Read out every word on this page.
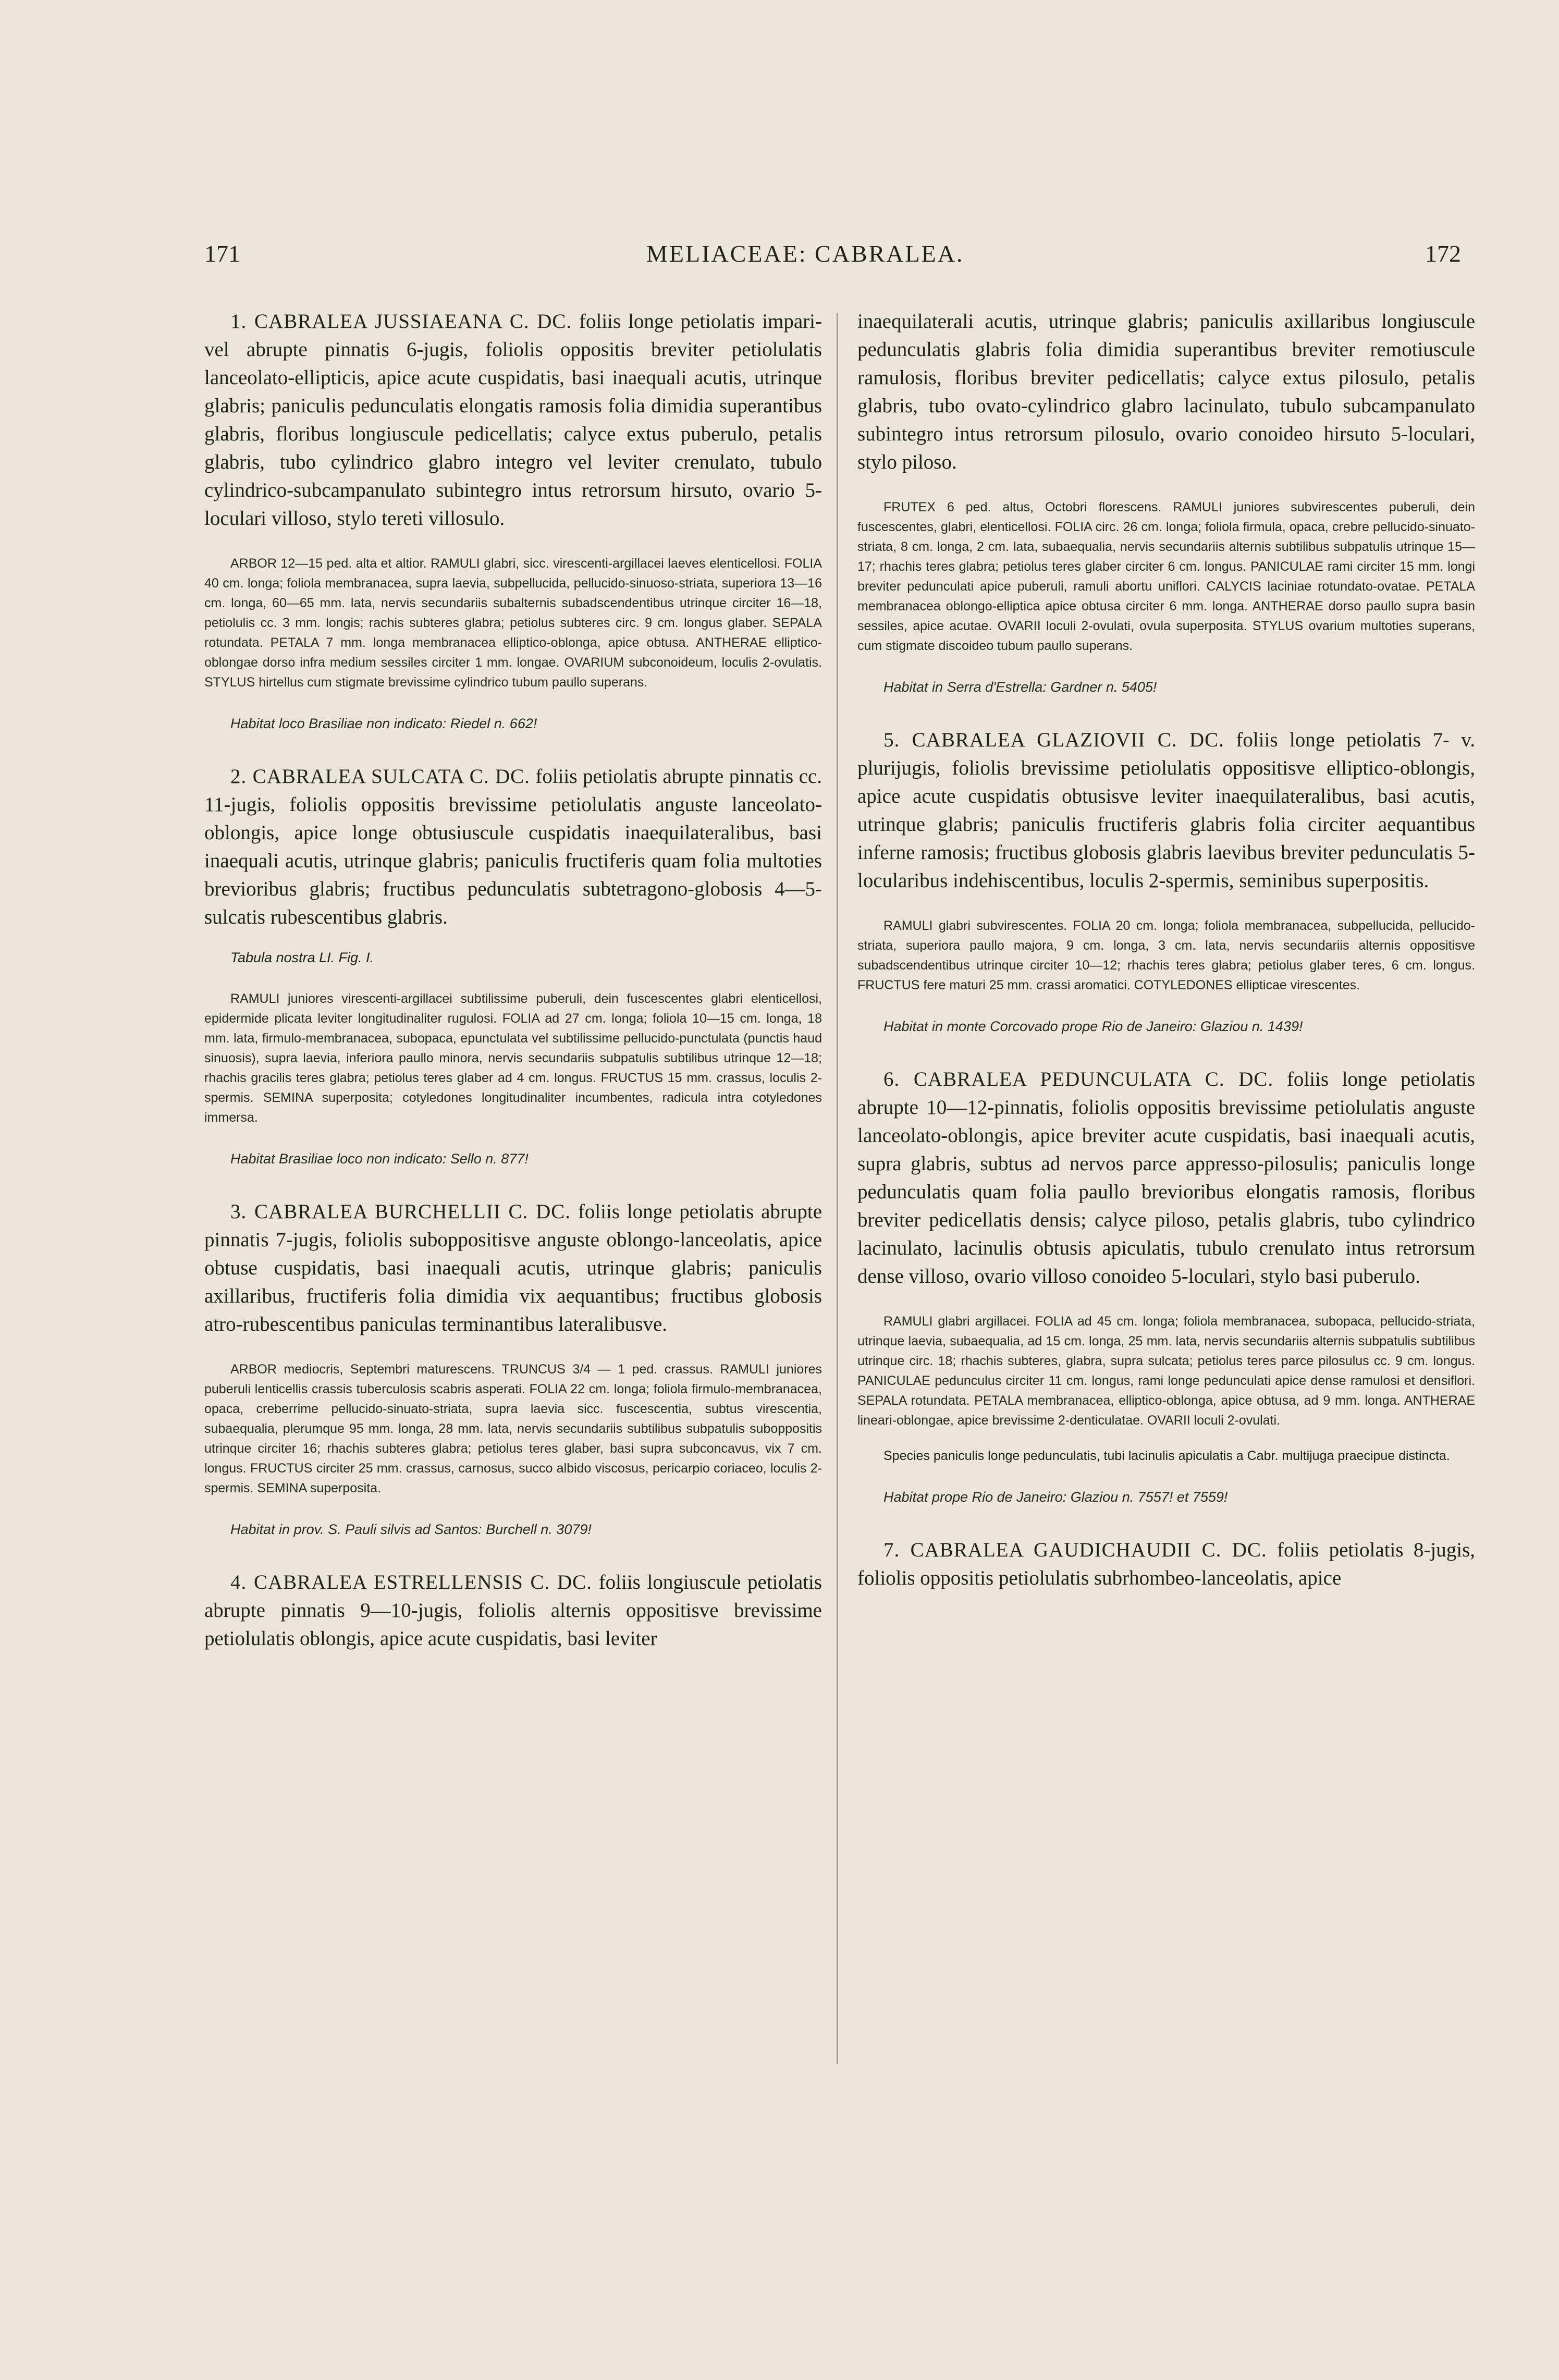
171	MELIACEAE: CABRALEA.	172

1. CABRALEA JUSSIAEANA C. DC. foliis longe petiolatis impari- vel abrupte pinnatis 6-jugis, foliolis oppositis breviter petiolulatis lanceolato-ellipticis, apice acute cuspidatis, basi inaequali acutis, utrinque glabris; paniculis pedunculatis elongatis ramosis folia dimidia superantibus glabris, floribus longiuscule pedicellatis; calyce extus puberulo, petalis glabris, tubo cylindrico glabro integro vel leviter crenulato, tubulo cylindrico-subcampanulato subintegro intus retrorsum hirsuto, ovario 5-loculari villoso, stylo tereti villosulo.

ARBOR 12—15 ped. alta et altior. RAMULI glabri, sicc. virescenti-argillacei laeves elenticellosi. FOLIA 40 cm. longa; foliola membranacea, supra laevia, subpellucida, pellucido-sinuoso-striata, superiora 13—16 cm. longa, 60—65 mm. lata, nervis secundariis subalternis subadscendentibus utrinque circiter 16—18, petiolulis cc. 3 mm. longis; rachis subteres glabra; petiolus subteres circ. 9 cm. longus glaber. SEPALA rotundata. PETALA 7 mm. longa membranacea elliptico-oblonga, apice obtusa. ANTHERAE elliptico-oblongae dorso infra medium sessiles circiter 1 mm. longae. OVARIUM subconoideum, loculis 2-ovulatis. STYLUS hirtellus cum stigmate brevissime cylindrico tubum paullo superans.

Habitat loco Brasiliae non indicato: Riedel n. 662!

2. CABRALEA SULCATA C. DC. foliis petiolatis abrupte pinnatis cc. 11-jugis, foliolis oppositis brevissime petiolulatis anguste lanceolato-oblongis, apice longe obtusiuscule cuspidatis inaequilateralibus, basi inaequali acutis, utrinque glabris; paniculis fructiferis quam folia multoties brevioribus glabris; fructibus pedunculatis subtetragono-globosis 4—5-sulcatis rubescentibus glabris.

Tabula nostra LI. Fig. I.

RAMULI juniores virescenti-argillacei subtilissime puberuli, dein fuscescentes glabri elenticellosi, epidermide plicata leviter longitudinaliter rugulosi. FOLIA ad 27 cm. longa; foliola 10—15 cm. longa, 18 mm. lata, firmulo-membranacea, subopaca, epunctulata vel subtilissime pellucido-punctulata (punctis haud sinuosis), supra laevia, inferiora paullo minora, nervis secundariis subpatulis subtilibus utrinque 12—18; rhachis gracilis teres glabra; petiolus teres glaber ad 4 cm. longus. FRUCTUS 15 mm. crassus, loculis 2-spermis. SEMINA superposita; cotyledones longitudinaliter incumbentes, radicula intra cotyledones immersa.

Habitat Brasiliae loco non indicato: Sello n. 877!

3. CABRALEA BURCHELLII C. DC. foliis longe petiolatis abrupte pinnatis 7-jugis, foliolis suboppositisve anguste oblongo-lanceolatis, apice obtuse cuspidatis, basi inaequali acutis, utrinque glabris; paniculis axillaribus, fructiferis folia dimidia vix aequantibus; fructibus globosis atro-rubescentibus paniculas terminantibus lateralibusve.

ARBOR mediocris, Septembri maturescens. TRUNCUS 3/4 — 1 ped. crassus. RAMULI juniores puberuli lenticellis crassis tuberculosis scabris asperati. FOLIA 22 cm. longa; foliola firmulo-membranacea, opaca, creberrime pellucido-sinuato-striata, supra laevia sicc. fuscescentia, subtus virescentia, subaequalia, plerumque 95 mm. longa, 28 mm. lata, nervis secundariis subtilibus subpatulis suboppositis utrinque circiter 16; rhachis subteres glabra; petiolus teres glaber, basi supra subconcavus, vix 7 cm. longus. FRUCTUS circiter 25 mm. crassus, carnosus, succo albido viscosus, pericarpio coriaceo, loculis 2-spermis. SEMINA superposita.

Habitat in prov. S. Pauli silvis ad Santos: Burchell n. 3079!

4. CABRALEA ESTRELLENSIS C. DC. foliis longiuscule petiolatis abrupte pinnatis 9—10-jugis, foliolis alternis oppositisve brevissime petiolulatis oblongis, apice acute cuspidatis, basi leviter

inaequilaterali acutis, utrinque glabris; paniculis axillaribus longiuscule pedunculatis glabris folia dimidia superantibus breviter remotiuscule ramulosis, floribus breviter pedicellatis; calyce extus pilosulo, petalis glabris, tubo ovato-cylindrico glabro lacinulato, tubulo subcampanulato subintegro intus retrorsum pilosulo, ovario conoideo hirsuto 5-loculari, stylo piloso.

FRUTEX 6 ped. altus, Octobri florescens. RAMULI juniores subvirescentes puberuli, dein fuscescentes, glabri, elenticellosi. FOLIA circ. 26 cm. longa; foliola firmula, opaca, crebre pellucido-sinuato-striata, 8 cm. longa, 2 cm. lata, subaequalia, nervis secundariis alternis subtilibus subpatulis utrinque 15—17; rhachis teres glabra; petiolus teres glaber circiter 6 cm. longus. PANICULAE rami circiter 15 mm. longi breviter pedunculati apice puberuli, ramuli abortu uniflori. CALYCIS laciniae rotundato-ovatae. PETALA membranacea oblongo-elliptica apice obtusa circiter 6 mm. longa. ANTHERAE dorso paullo supra basin sessiles, apice acutae. OVARII loculi 2-ovulati, ovula superposita. STYLUS ovarium multoties superans, cum stigmate discoideo tubum paullo superans.

Habitat in Serra d'Estrella: Gardner n. 5405!

5. CABRALEA GLAZIOVII C. DC. foliis longe petiolatis 7- v. plurijugis, foliolis brevissime petiolulatis oppositisve elliptico-oblongis, apice acute cuspidatis obtusisve leviter inaequilateralibus, basi acutis, utrinque glabris; paniculis fructiferis glabris folia circiter aequantibus inferne ramosis; fructibus globosis glabris laevibus breviter pedunculatis 5-locularibus indehiscentibus, loculis 2-spermis, seminibus superpositis.

RAMULI glabri subvirescentes. FOLIA 20 cm. longa; foliola membranacea, subpellucida, pellucido-striata, superiora paullo majora, 9 cm. longa, 3 cm. lata, nervis secundariis alternis oppositisve subadscendentibus utrinque circiter 10—12; rhachis teres glabra; petiolus glaber teres, 6 cm. longus. FRUCTUS fere maturi 25 mm. crassi aromatici. COTYLEDONES ellipticae virescentes.

Habitat in monte Corcovado prope Rio de Janeiro: Glaziou n. 1439!

6. CABRALEA PEDUNCULATA C. DC. foliis longe petiolatis abrupte 10—12-pinnatis, foliolis oppositis brevissime petiolulatis anguste lanceolato-oblongis, apice breviter acute cuspidatis, basi inaequali acutis, supra glabris, subtus ad nervos parce appresso-pilosulis; paniculis longe pedunculatis quam folia paullo brevioribus elongatis ramosis, floribus breviter pedicellatis densis; calyce piloso, petalis glabris, tubo cylindrico lacinulato, lacinulis obtusis apiculatis, tubulo crenulato intus retrorsum dense villoso, ovario villoso conoideo 5-loculari, stylo basi puberulo.

RAMULI glabri argillacei. FOLIA ad 45 cm. longa; foliola membranacea, subopaca, pellucido-striata, utrinque laevia, subaequalia, ad 15 cm. longa, 25 mm. lata, nervis secundariis alternis subpatulis subtilibus utrinque circ. 18; rhachis subteres, glabra, supra sulcata; petiolus teres parce pilosulus cc. 9 cm. longus. PANICULAE pedunculus circiter 11 cm. longus, rami longe pedunculati apice dense ramulosi et densiflori. SEPALA rotundata. PETALA membranacea, elliptico-oblonga, apice obtusa, ad 9 mm. longa. ANTHERAE lineari-oblongae, apice brevissime 2-denticulatae. OVARII loculi 2-ovulati.

Species paniculis longe pedunculatis, tubi lacinulis apiculatis a Cabr. multijuga praecipue distincta.

Habitat prope Rio de Janeiro: Glaziou n. 7557! et 7559!

7. CABRALEA GAUDICHAUDII C. DC. foliis petiolatis 8-jugis, foliolis oppositis petiolulatis subrhombeo-lanceolatis, apice
